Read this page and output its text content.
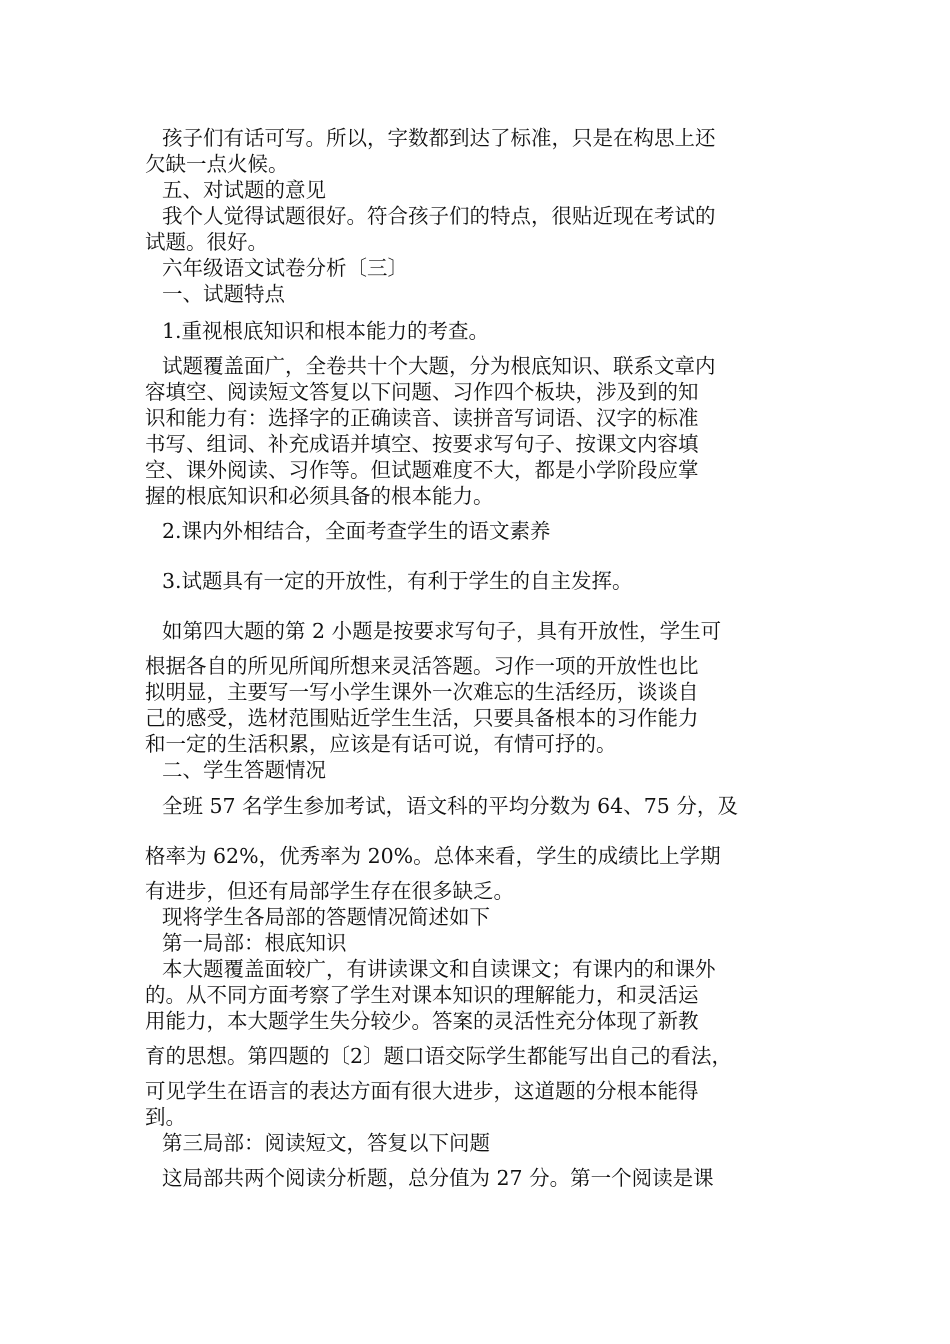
孩子们有话可写。所以，字数都到达了标准，只是在构思上还
欠缺一点火候。
五、对试题的意见
我个人觉得试题很好。符合孩子们的特点，很贴近现在考试的
试题。很好。
六年级语文试卷分析〔三〕
一、试题特点
1.重视根底知识和根本能力的考查。
试题覆盖面广，全卷共十个大题，分为根底知识、联系文章内
容填空、阅读短文答复以下问题、习作四个板块，涉及到的知
识和能力有：选择字的正确读音、读拼音写词语、汉字的标准
书写、组词、补充成语并填空、按要求写句子、按课文内容填
空、课外阅读、习作等。但试题难度不大，都是小学阶段应掌
握的根底知识和必须具备的根本能力。
2.课内外相结合，全面考查学生的语文素养
3.试题具有一定的开放性，有利于学生的自主发挥。
如第四大题的第 2 小题是按要求写句子，具有开放性，学生可
根据各自的所见所闻所想来灵活答题。习作一项的开放性也比
拟明显，主要写一写小学生课外一次难忘的生活经历，谈谈自
己的感受，选材范围贴近学生生活，只要具备根本的习作能力
和一定的生活积累，应该是有话可说，有情可抒的。
二、学生答题情况
全班 57 名学生参加考试，语文科的平均分数为 64、75 分，及
格率为 62%，优秀率为 20%。总体来看，学生的成绩比上学期
有进步，但还有局部学生存在很多缺乏。
现将学生各局部的答题情况简述如下
第一局部：根底知识
本大题覆盖面较广，有讲读课文和自读课文；有课内的和课外
的。从不同方面考察了学生对课本知识的理解能力，和灵活运
用能力，本大题学生失分较少。答案的灵活性充分体现了新教
育的思想。第四题的〔2〕题口语交际学生都能写出自己的看法，
可见学生在语言的表达方面有很大进步，这道题的分根本能得
到。
第三局部：阅读短文，答复以下问题
这局部共两个阅读分析题，总分值为 27 分。第一个阅读是课
